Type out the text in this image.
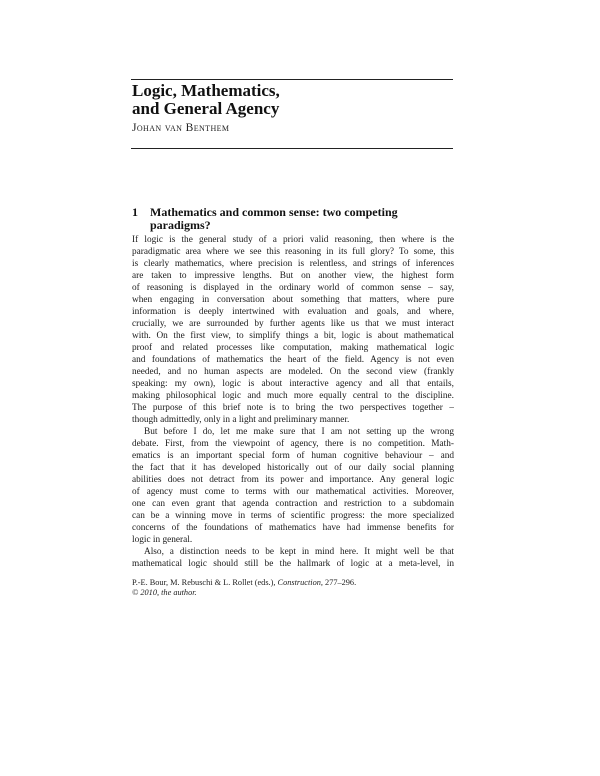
Logic, Mathematics,
and General Agency
Johan van Benthem
1 Mathematics and common sense: two competing
paradigms?
If logic is the general study of a priori valid reasoning, then where is the
paradigmatic area where we see this reasoning in its full glory? To some, this
is clearly mathematics, where precision is relentless, and strings of inferences
are taken to impressive lengths. But on another view, the highest form
of reasoning is displayed in the ordinary world of common sense – say,
when engaging in conversation about something that matters, where pure
information is deeply intertwined with evaluation and goals, and where,
crucially, we are surrounded by further agents like us that we must interact
with. On the first view, to simplify things a bit, logic is about mathematical
proof and related processes like computation, making mathematical logic
and foundations of mathematics the heart of the field. Agency is not even
needed, and no human aspects are modeled. On the second view (frankly
speaking: my own), logic is about interactive agency and all that entails,
making philosophical logic and much more equally central to the discipline.
The purpose of this brief note is to bring the two perspectives together –
though admittedly, only in a light and preliminary manner.
But before I do, let me make sure that I am not setting up the wrong
debate. First, from the viewpoint of agency, there is no competition. Math-
ematics is an important special form of human cognitive behaviour – and
the fact that it has developed historically out of our daily social planning
abilities does not detract from its power and importance. Any general logic
of agency must come to terms with our mathematical activities. Moreover,
one can even grant that agenda contraction and restriction to a subdomain
can be a winning move in terms of scientific progress: the more specialized
concerns of the foundations of mathematics have had immense benefits for
logic in general.
Also, a distinction needs to be kept in mind here. It might well be that
mathematical logic should still be the hallmark of logic at a meta-level, in
P.-E. Bour, M. Rebuschi & L. Rollet (eds.), Construction, 277–296.
© 2010, the author.
